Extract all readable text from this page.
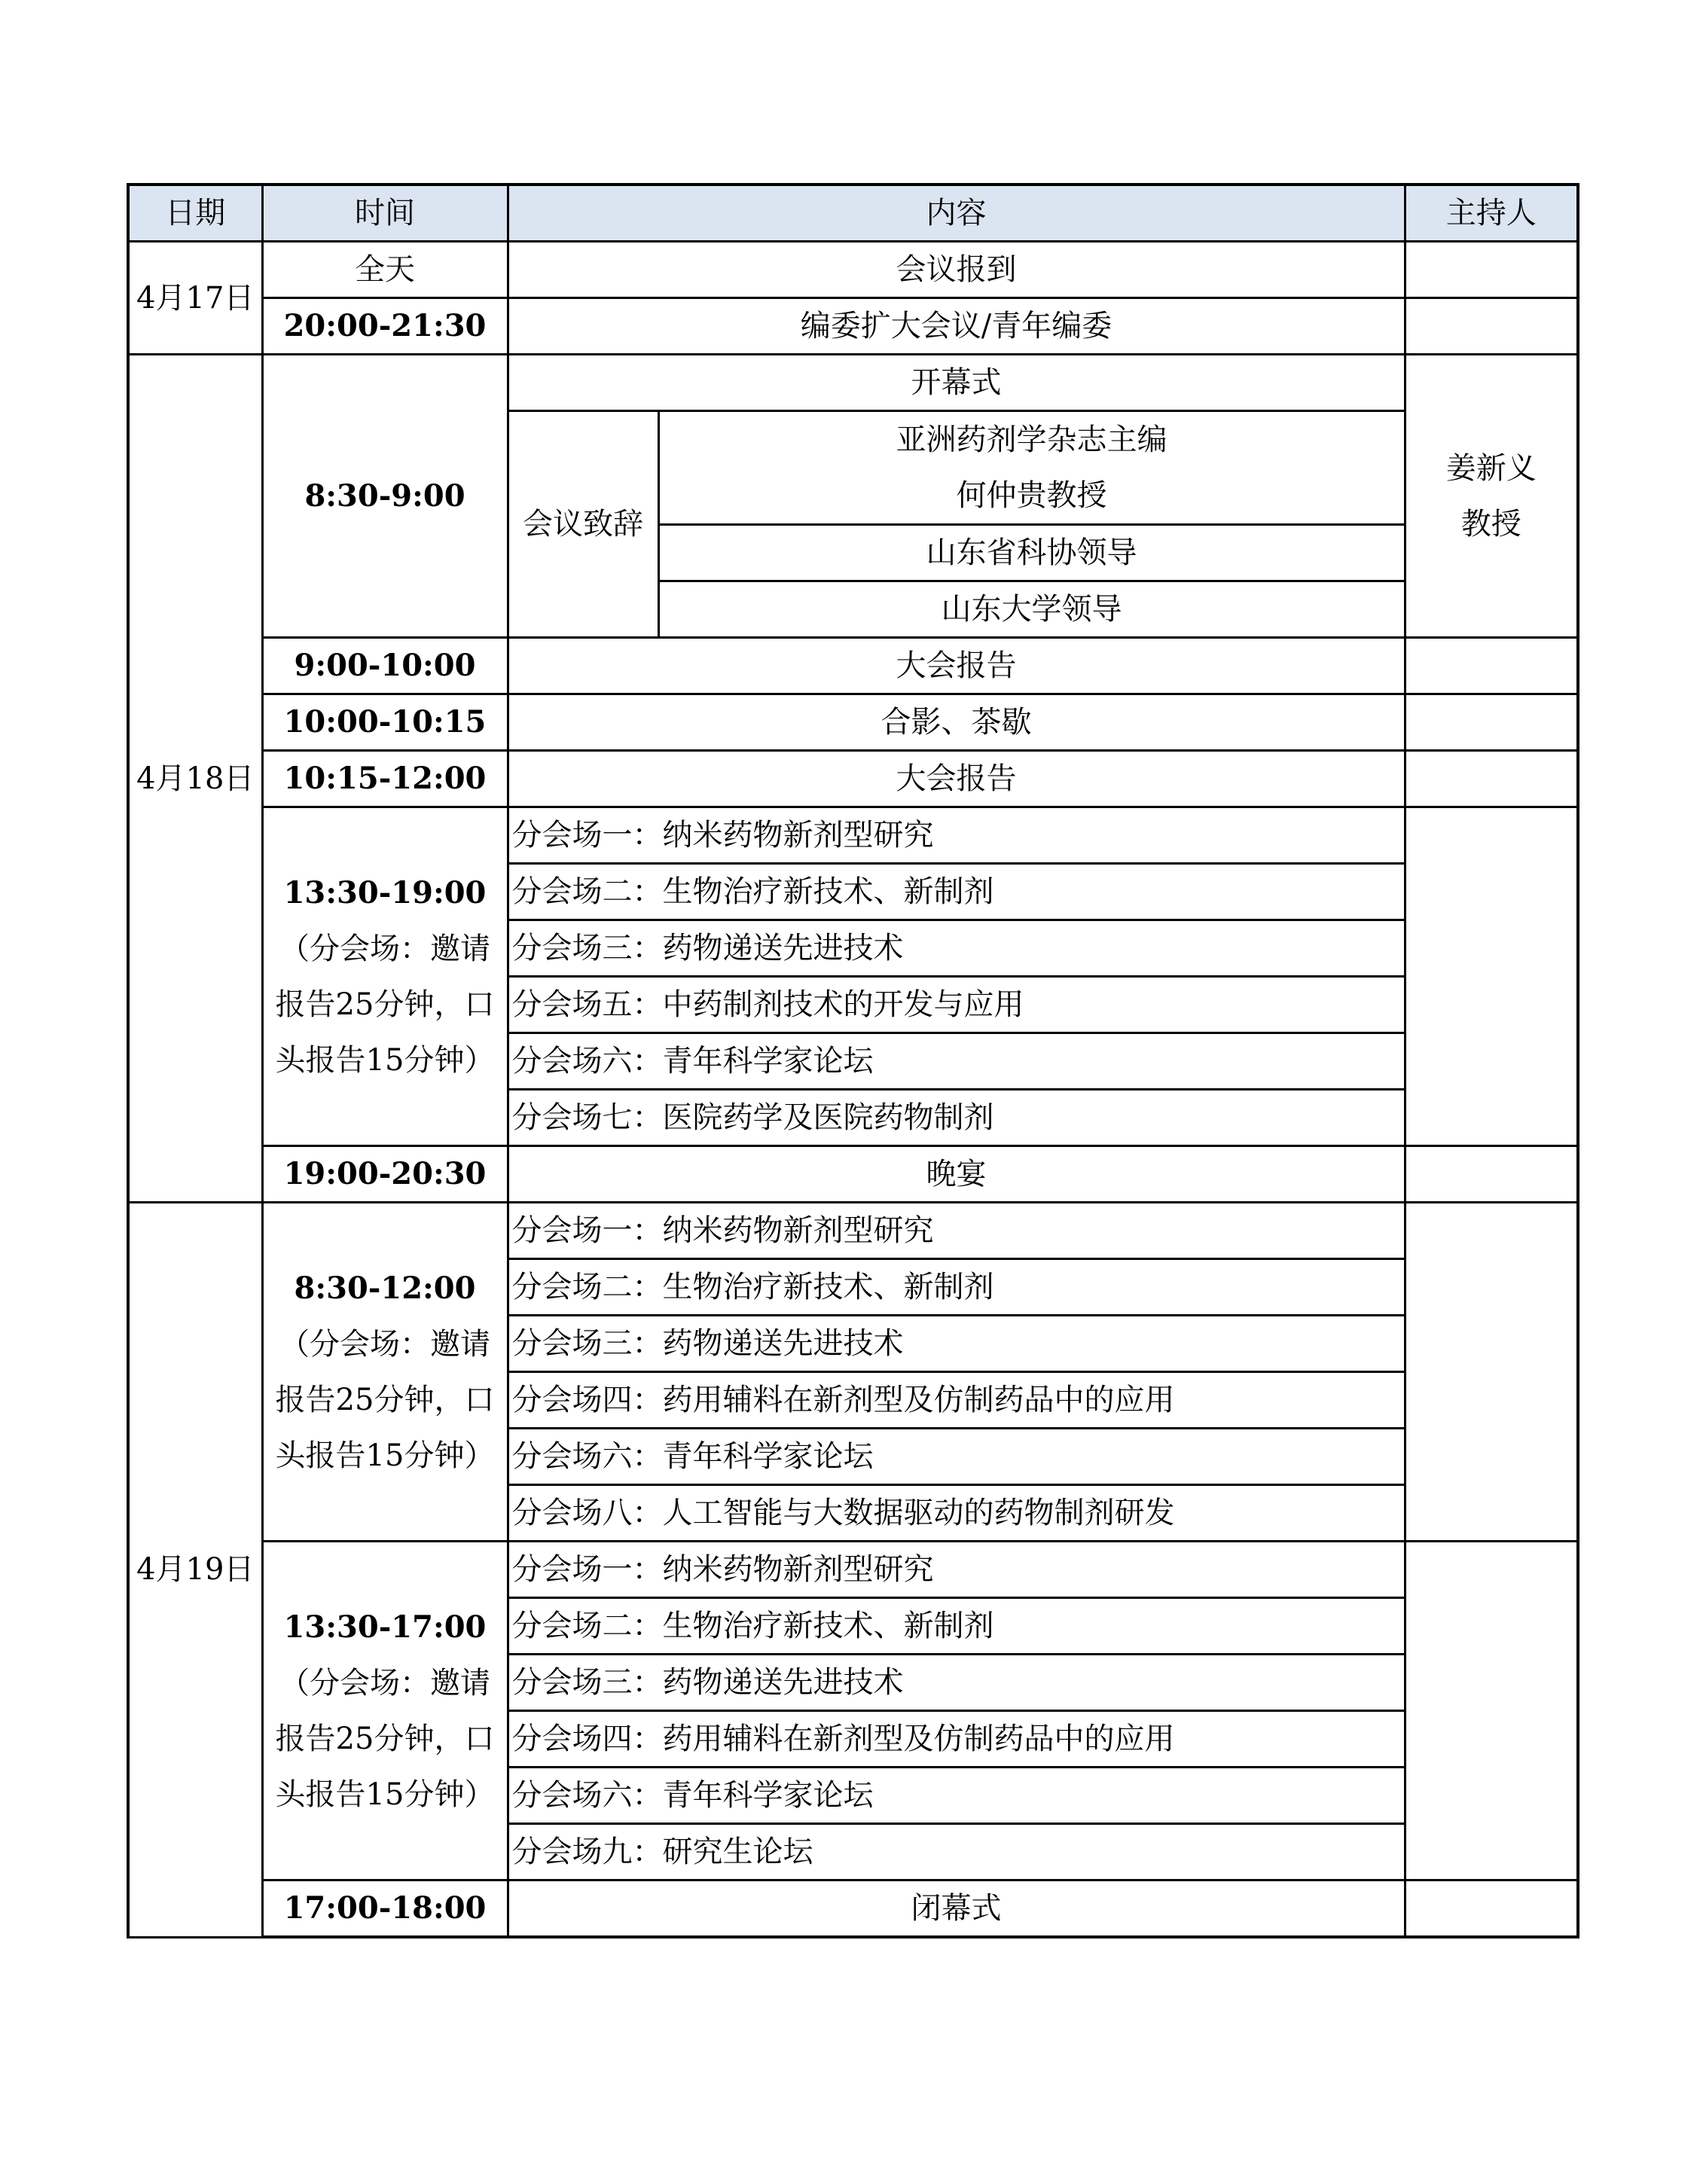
日期	时间	内容		主持人
4月17日	全天	会议报到		
	20:00-21:30	编委扩大会议/青年编委		
4月18日	8:30-9:00	开幕式		姜新义
教授

		会议致辞	亚洲药剂学杂志主编
何仲贵教授	

			山东省科协领导	
			山东大学领导	
	9:00-10:00	大会报告		
	10:00-10:15	合影、茶歇		
	10:15-12:00	大会报告		

	13:30-19:00
（分会场：邀请
报告25分钟，口
头报告15分钟）	分会场一：纳米药物新剂型研究		
		分会场二：生物治疗新技术、新制剂		
		分会场三：药物递送先进技术		
		分会场五：中药制剂技术的开发与应用		
		分会场六：青年科学家论坛		
		分会场七：医院药学及医院药物制剂		
	19:00-20:30	晚宴		
4月19日	8:30-12:00
（分会场：邀请
报告25分钟，口
头报告15分钟）	分会场一：纳米药物新剂型研究		
		分会场二：生物治疗新技术、新制剂		
		分会场三：药物递送先进技术		
		分会场四：药用辅料在新剂型及仿制药品中的应用		
		分会场六：青年科学家论坛		
		分会场八：人工智能与大数据驱动的药物制剂研发		

	13:30-17:00
（分会场：邀请
报告25分钟，口
头报告15分钟）	分会场一：纳米药物新剂型研究		
		分会场二：生物治疗新技术、新制剂		
		分会场三：药物递送先进技术		
		分会场四：药用辅料在新剂型及仿制药品中的应用		
		分会场六：青年科学家论坛		
		分会场九：研究生论坛		
	17:00-18:00	闭幕式		
